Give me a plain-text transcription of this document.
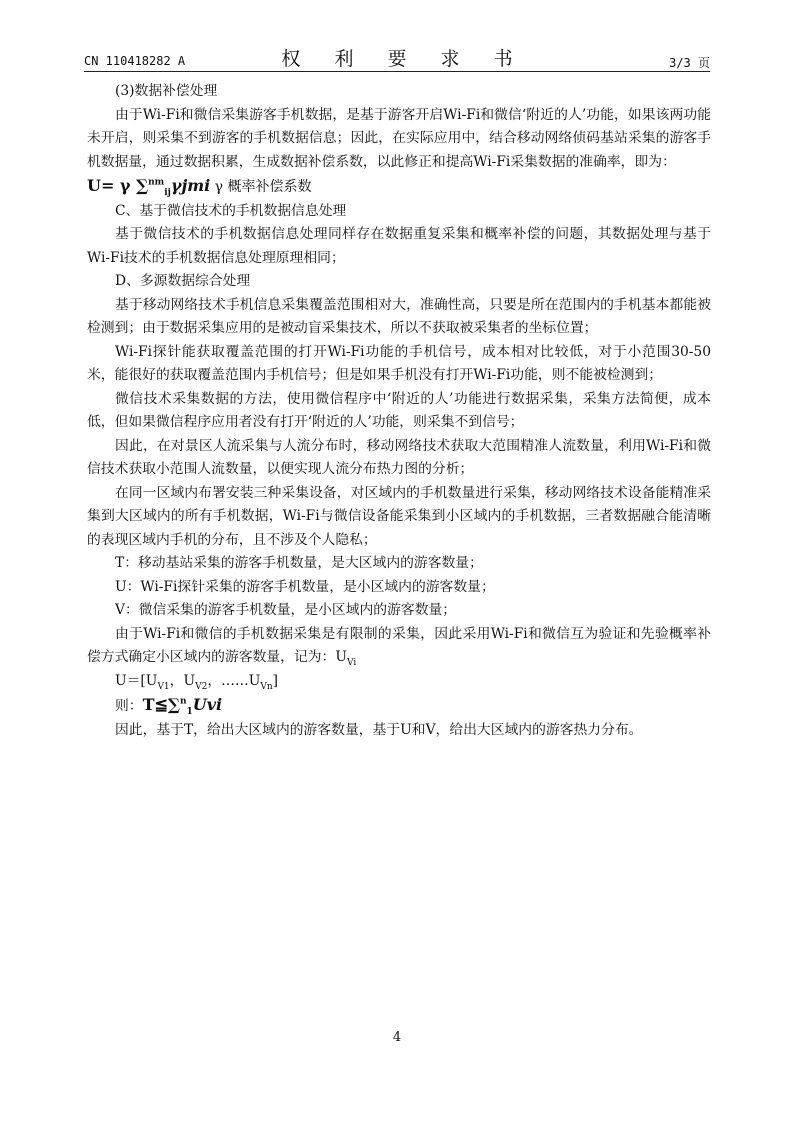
CN 110418282 A	权 利 要 求 书	3/3 页

(3)数据补偿处理

由于Wi-Fi和微信采集游客手机数据，是基于游客开启Wi-Fi和微信‘附近的人’功能，如果该两功能未开启，则采集不到游客的手机数据信息；因此，在实际应用中，结合移动网络侦码基站采集的游客手机数据量，通过数据积累，生成数据补偿系数，以此修正和提高Wi-Fi采集数据的准确率，即为：

U= γ ∑$^{nm}_{ij}$γjmi γ 概率补偿系数

C、基于微信技术的手机数据信息处理

基于微信技术的手机数据信息处理同样存在数据重复采集和概率补偿的问题，其数据处理与基于Wi-Fi技术的手机数据信息处理原理相同；

D、多源数据综合处理

基于移动网络技术手机信息采集覆盖范围相对大，准确性高，只要是所在范围内的手机基本都能被检测到；由于数据采集应用的是被动盲采集技术，所以不获取被采集者的坐标位置；

Wi-Fi探针能获取覆盖范围的打开Wi-Fi功能的手机信号，成本相对比较低，对于小范围30-50米，能很好的获取覆盖范围内手机信号；但是如果手机没有打开Wi-Fi功能，则不能被检测到；

微信技术采集数据的方法，使用微信程序中‘附近的人’功能进行数据采集，采集方法简便，成本低，但如果微信程序应用者没有打开‘附近的人’功能，则采集不到信号；

因此，在对景区人流采集与人流分布时，移动网络技术获取大范围精准人流数量，利用Wi-Fi和微信技术获取小范围人流数量，以便实现人流分布热力图的分析；

在同一区域内布署安装三种采集设备，对区域内的手机数量进行采集，移动网络技术设备能精准采集到大区域内的所有手机数据，Wi-Fi与微信设备能采集到小区域内的手机数据，三者数据融合能清晰的表现区域内手机的分布，且不涉及个人隐私；

T：移动基站采集的游客手机数量，是大区域内的游客数量；

U：Wi-Fi探针采集的游客手机数量，是小区域内的游客数量；

V：微信采集的游客手机数量，是小区域内的游客数量；

由于Wi-Fi和微信的手机数据采集是有限制的采集，因此采用Wi-Fi和微信互为验证和先验概率补偿方式确定小区域内的游客数量，记为：$U_{Vi}$

$U=[U_{V1}$，$U_{V2}$，$\dots\dots U_{Vn}$]

则：T≦∑$^n_1$Uvi

因此，基于T，给出大区域内的游客数量，基于U和V，给出大区域内的游客热力分布。

4
